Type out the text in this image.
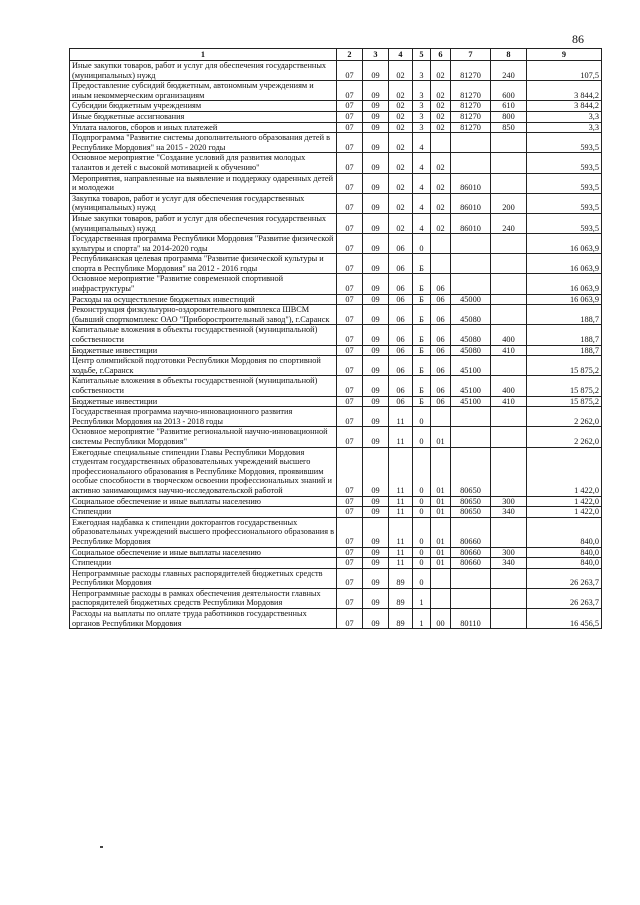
86
1	2	3	4	5	6	7	8	9
Иные закупки товаров, работ и услуг для обеспечения государственных (муниципальных) нужд	07	09	02	3	02	81270	240	107,5
Предоставление субсидий бюджетным, автономным учреждениям и иным некоммерческим организациям	07	09	02	3	02	81270	600	3 844,2
Субсидии бюджетным учреждениям	07	09	02	3	02	81270	610	3 844,2
Иные бюджетные ассигнования	07	09	02	3	02	81270	800	3,3
Уплата налогов, сборов и иных платежей	07	09	02	3	02	81270	850	3,3
Подпрограмма "Развитие системы дополнительного образования детей в Республике Мордовия" на 2015 - 2020 годы	07	09	02	4				593,5
Основное мероприятие "Создание условий для развития молодых талантов и детей с высокой мотивацией к обучению"	07	09	02	4	02			593,5
Мероприятия, направленные на выявление и поддержку одаренных детей и молодежи	07	09	02	4	02	86010		593,5
Закупка товаров, работ и услуг для обеспечения государственных (муниципальных) нужд	07	09	02	4	02	86010	200	593,5
Иные закупки товаров, работ и услуг для обеспечения государственных (муниципальных) нужд	07	09	02	4	02	86010	240	593,5
Государственная программа Республики Мордовия "Развитие физической культуры и спорта" на 2014-2020 годы	07	09	06	0				16 063,9
Республиканская целевая программа "Развитие физической культуры и спорта в Республике Мордовия" на 2012 - 2016 годы	07	09	06	Б				16 063,9
Основное мероприятие "Развитие современной спортивной инфраструктуры"	07	09	06	Б	06			16 063,9
Расходы на осуществление бюджетных инвестиций	07	09	06	Б	06	45000		16 063,9
Реконструкция физкультурно-оздоровительного комплекса ШВСМ (бывший спорткомплекс ОАО "Приборостроительный завод"), г.Саранск	07	09	06	Б	06	45080		188,7
Капитальные вложения в объекты государственной (муниципальной) собственности	07	09	06	Б	06	45080	400	188,7
Бюджетные инвестиции	07	09	06	Б	06	45080	410	188,7
Центр олимпийской подготовки Республики Мордовия по спортивной ходьбе, г.Саранск	07	09	06	Б	06	45100		15 875,2
Капитальные вложения в объекты государственной (муниципальной) собственности	07	09	06	Б	06	45100	400	15 875,2
Бюджетные инвестиции	07	09	06	Б	06	45100	410	15 875,2
Государственная программа научно-инновационного развития Республики Мордовия на 2013 - 2018 годы	07	09	11	0				2 262,0
Основное мероприятие "Развитие региональной научно-инновационной системы Республики Мордовия"	07	09	11	0	01			2 262,0
Ежегодные специальные стипендии Главы Республики Мордовия студентам государственных образовательных учреждений высшего профессионального образования в Республике Мордовия, проявившим особые способности в творческом освоении профессиональных знаний и активно занимающимся научно-исследовательской работой	07	09	11	0	01	80650		1 422,0
Социальное обеспечение и иные выплаты населению	07	09	11	0	01	80650	300	1 422,0
Стипендии	07	09	11	0	01	80650	340	1 422,0
Ежегодная надбавка к стипендии докторантов государственных образовательных учреждений высшего профессионального образования в Республике Мордовия	07	09	11	0	01	80660		840,0
Социальное обеспечение и иные выплаты населению	07	09	11	0	01	80660	300	840,0
Стипендии	07	09	11	0	01	80660	340	840,0
Непрограммные расходы главных распорядителей бюджетных средств Республики Мордовия	07	09	89	0				26 263,7
Непрограммные расходы в рамках обеспечения деятельности главных распорядителей бюджетных средств Республики Мордовия	07	09	89	1				26 263,7
Расходы на выплаты по оплате труда работников государственных органов Республики Мордовия	07	09	89	1	00	80110		16 456,5
